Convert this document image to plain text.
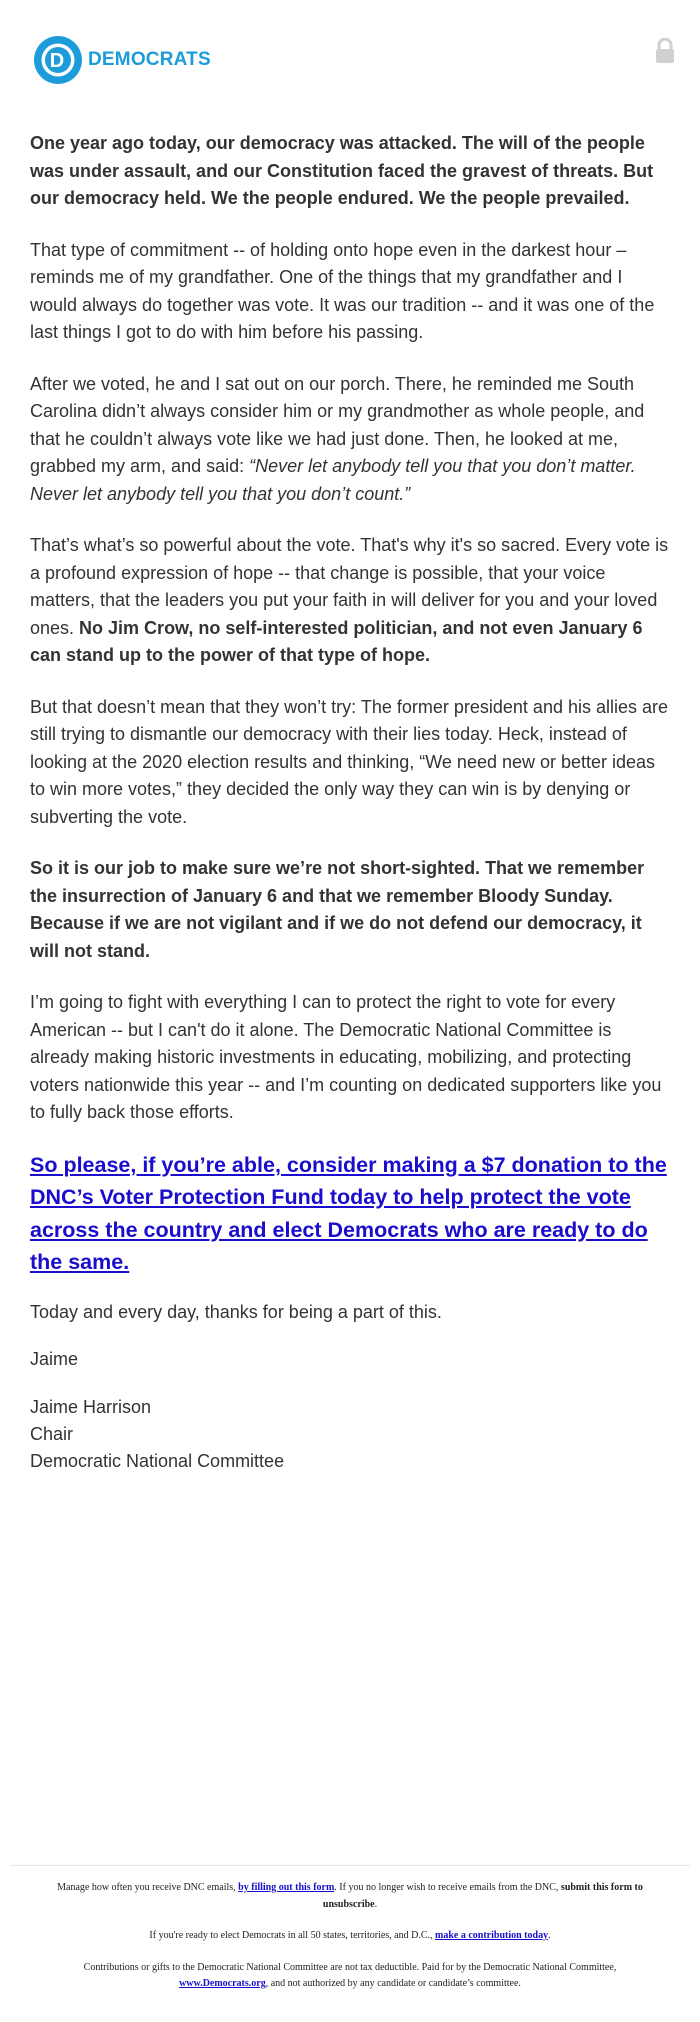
D DEMOCRATS

One year ago today, our democracy was attacked. The will of the people was under assault, and our Constitution faced the gravest of threats. But our democracy held. We the people endured. We the people prevailed.

That type of commitment -- of holding onto hope even in the darkest hour – reminds me of my grandfather. One of the things that my grandfather and I would always do together was vote. It was our tradition -- and it was one of the last things I got to do with him before his passing.

After we voted, he and I sat out on our porch. There, he reminded me South Carolina didn’t always consider him or my grandmother as whole people, and that he couldn’t always vote like we had just done. Then, he looked at me, grabbed my arm, and said: “Never let anybody tell you that you don’t matter. Never let anybody tell you that you don’t count.”

That’s what’s so powerful about the vote. That's why it's so sacred. Every vote is a profound expression of hope -- that change is possible, that your voice matters, that the leaders you put your faith in will deliver for you and your loved ones. No Jim Crow, no self-interested politician, and not even January 6 can stand up to the power of that type of hope.

But that doesn’t mean that they won’t try: The former president and his allies are still trying to dismantle our democracy with their lies today. Heck, instead of looking at the 2020 election results and thinking, “We need new or better ideas to win more votes,” they decided the only way they can win is by denying or subverting the vote.

So it is our job to make sure we’re not short-sighted. That we remember the insurrection of January 6 and that we remember Bloody Sunday. Because if we are not vigilant and if we do not defend our democracy, it will not stand.

I’m going to fight with everything I can to protect the right to vote for every American -- but I can't do it alone. The Democratic National Committee is already making historic investments in educating, mobilizing, and protecting voters nationwide this year -- and I’m counting on dedicated supporters like you to fully back those efforts.

So please, if you’re able, consider making a $7 donation to the DNC’s Voter Protection Fund today to help protect the vote across the country and elect Democrats who are ready to do the same.

Today and every day, thanks for being a part of this.

Jaime

Jaime Harrison

Chair

Democratic National Committee

Manage how often you receive DNC emails, by filling out this form. If you no longer wish to receive emails from the DNC, submit this form to unsubscribe.

If you're ready to elect Democrats in all 50 states, territories, and D.C., make a contribution today.

Contributions or gifts to the Democratic National Committee are not tax deductible. Paid for by the Democratic National Committee, www.Democrats.org, and not authorized by any candidate or candidate’s committee.
